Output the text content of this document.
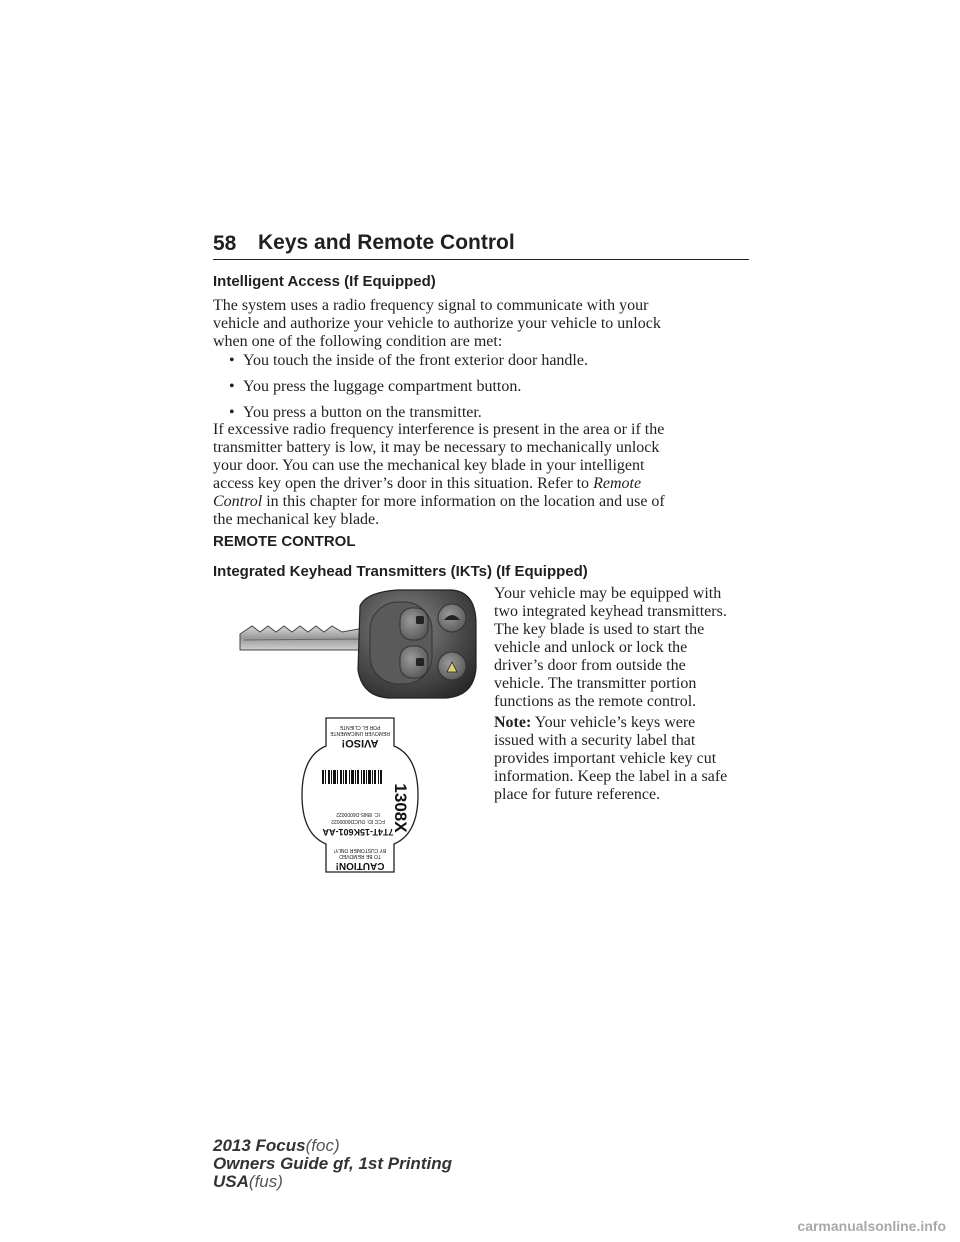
58 Keys and Remote Control
Intelligent Access (If Equipped)
The system uses a radio frequency signal to communicate with your
vehicle and authorize your vehicle to authorize your vehicle to unlock
when one of the following condition are met:
• You touch the inside of the front exterior door handle.
• You press the luggage compartment button.
• You press a button on the transmitter.
If excessive radio frequency interference is present in the area or if the
transmitter battery is low, it may be necessary to mechanically unlock
your door. You can use the mechanical key blade in your intelligent
access key open the driver’s door in this situation. Refer to Remote
Control in this chapter for more information on the location and use of
the mechanical key blade.
REMOTE CONTROL
Integrated Keyhead Transmitters (IKTs) (If Equipped)
Your vehicle may be equipped with
two integrated keyhead transmitters.
The key blade is used to start the
vehicle and unlock or lock the
driver’s door from outside the
vehicle. The transmitter portion
functions as the remote control.
Note: Your vehicle’s keys were
issued with a security label that
provides important vehicle key cut
information. Keep the label in a safe
place for future reference.
CAUTION!
TO BE REMOVED
BY CUSTOMER ONLY!
1308X
7T4T-15K601-AA
FCC ID: OUCD6000022
IC: 8565-D6000022
AVISO!
REMOVER UNICAMENTE
POR EL CLIENTE
2013 Focus(foc)
Owners Guide gf, 1st Printing
USA(fus)
carmanualsonline.info
